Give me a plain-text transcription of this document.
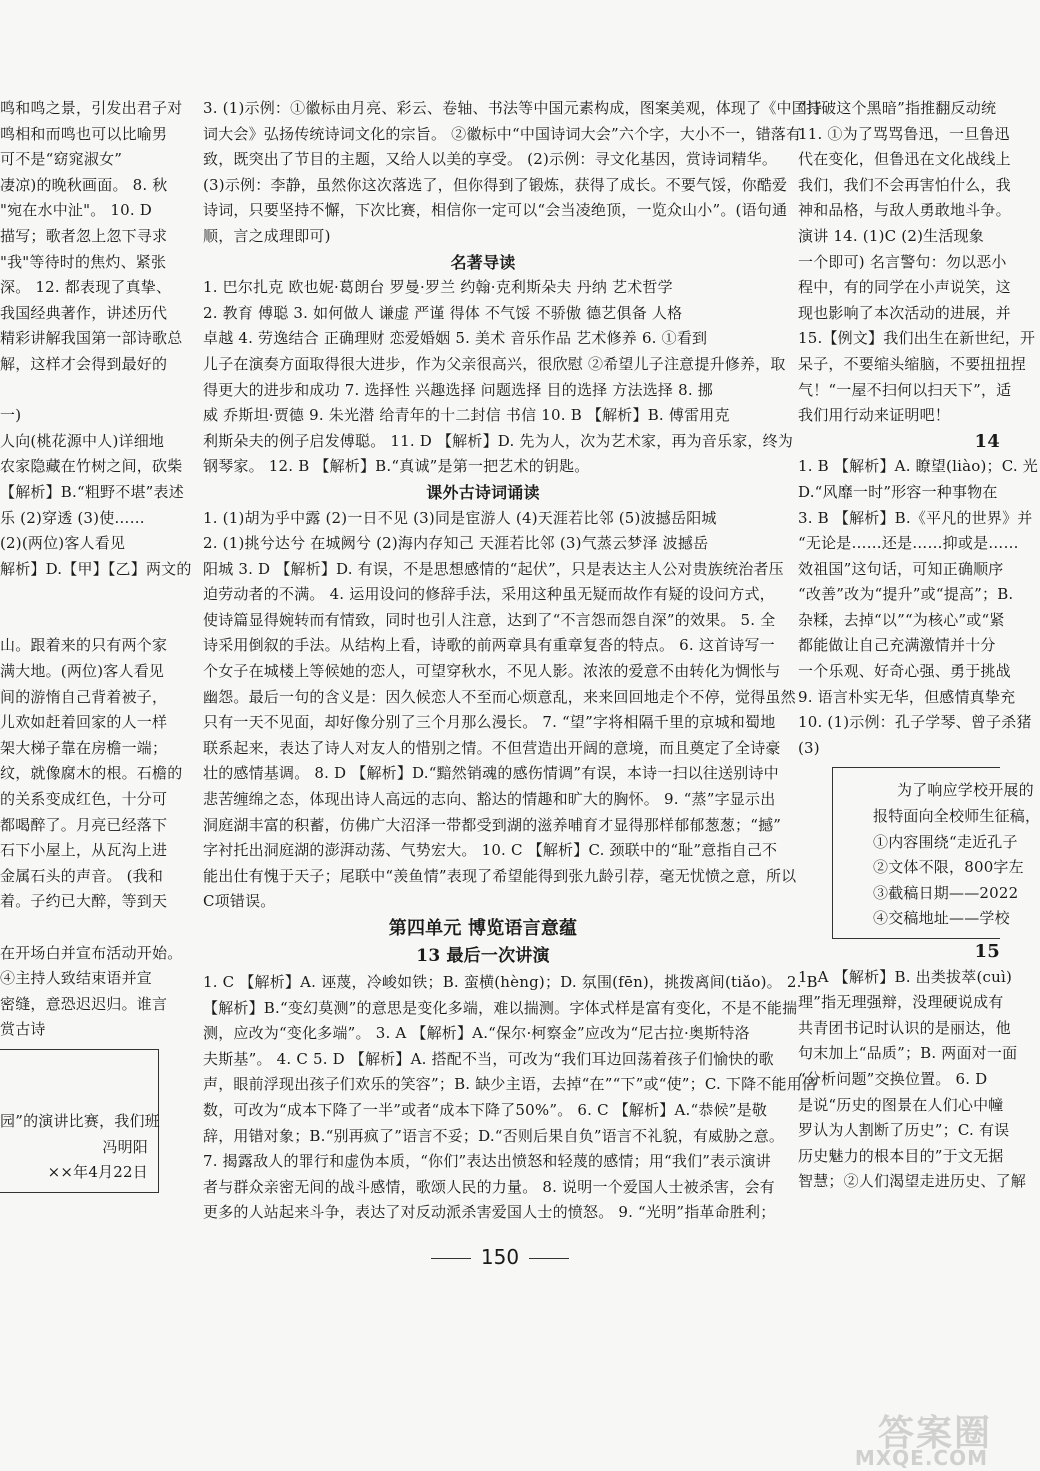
鸣和鸣之景，引发出君子对
鸣相和而鸣也可以比喻男
可不是“窈窕淑女”
凄凉)的晚秋画面。 8. 秋
"宛在水中沚"。 10. D
描写；歌者忽上忽下寻求
"我"等待时的焦灼、紧张
深。 12. 都表现了真挚、
我国经典著作，讲述历代
精彩讲解我国第一部诗歌总
解，这样才会得到最好的
一)
人向(桃花源中人)详细地
农家隐藏在竹树之间，砍柴
【解析】B.“粗野不堪”表述
乐 (2)穿透 (3)使……
(2)(两位)客人看见
解析】D.【甲】【乙】两文的
山。跟着来的只有两个家
满大地。(两位)客人看见
间的游惰自己背着被子，
儿欢如赶着回家的人一样
架大梯子靠在房檐一端；
纹，就像腐木的根。石檐的
的关系变成红色，十分可
都喝醉了。月亮已经落下
石下小屋上，从瓦沟上进
金属石头的声音。 (我和
着。子约已大醉，等到天
在开场白并宣布活动开始。
④主持人致结束语并宣
密缝，意恐迟迟归。谁言
赏古诗
园”的演讲比赛，我们班
冯明阳
××年4月22日
3. (1)示例：①徽标由月亮、彩云、卷轴、书法等中国元素构成，图案美观，体现了《中国诗
词大会》弘扬传统诗词文化的宗旨。 ②徽标中“中国诗词大会”六个字，大小不一，错落有
致，既突出了节目的主题，又给人以美的享受。 (2)示例：寻文化基因，赏诗词精华。
(3)示例：李静，虽然你这次落选了，但你得到了锻炼，获得了成长。不要气馁，你酷爱
诗词，只要坚持不懈，下次比赛，相信你一定可以“会当凌绝顶，一览众山小”。(语句通
顺，言之成理即可)
名著导读
1. 巴尔扎克 欧也妮·葛朗台 罗曼·罗兰 约翰·克利斯朵夫 丹纳 艺术哲学
2. 教育 傅聪 3. 如何做人 谦虚 严谨 得体 不气馁 不骄傲 德艺俱备 人格
卓越 4. 劳逸结合 正确理财 恋爱婚姻 5. 美术 音乐作品 艺术修养 6. ①看到
儿子在演奏方面取得很大进步，作为父亲很高兴，很欣慰 ②希望儿子注意提升修养，取
得更大的进步和成功 7. 选择性 兴趣选择 问题选择 目的选择 方法选择 8. 挪
威 乔斯坦·贾德 9. 朱光潜 给青年的十二封信 书信 10. B 【解析】B. 傅雷用克
利斯朵夫的例子启发傅聪。 11. D 【解析】D. 先为人，次为艺术家，再为音乐家，终为
钢琴家。 12. B 【解析】B.“真诚”是第一把艺术的钥匙。
课外古诗词诵读
1. (1)胡为乎中露 (2)一日不见 (3)同是宦游人 (4)天涯若比邻 (5)波撼岳阳城
2. (1)挑兮达兮 在城阙兮 (2)海内存知己 天涯若比邻 (3)气蒸云梦泽 波撼岳
阳城 3. D 【解析】D. 有误，不是思想感情的“起伏”，只是表达主人公对贵族统治者压
迫劳动者的不满。 4. 运用设问的修辞手法，采用这种虽无疑而故作有疑的设问方式，
使诗篇显得婉转而有情致，同时也引人注意，达到了“不言怨而怨自深”的效果。 5. 全
诗采用倒叙的手法。从结构上看，诗歌的前两章具有重章复沓的特点。 6. 这首诗写一
个女子在城楼上等候她的恋人，可望穿秋水，不见人影。浓浓的爱意不由转化为惆怅与
幽怨。最后一句的含义是：因久候恋人不至而心烦意乱，来来回回地走个不停，觉得虽然
只有一天不见面，却好像分别了三个月那么漫长。 7. “望”字将相隔千里的京城和蜀地
联系起来，表达了诗人对友人的惜别之情。不但营造出开阔的意境，而且奠定了全诗豪
壮的感情基调。 8. D 【解析】D.“黯然销魂的感伤情调”有误，本诗一扫以往送别诗中
悲苦缠绵之态，体现出诗人高远的志向、豁达的情趣和旷大的胸怀。 9. “蒸”字显示出
洞庭湖丰富的积蓄，仿佛广大沼泽一带都受到湖的滋养哺育才显得那样郁郁葱葱；“撼”
字衬托出洞庭湖的澎湃动荡、气势宏大。 10. C 【解析】C. 颈联中的“耻”意指自己不
能出仕有愧于天子；尾联中“羡鱼情”表现了希望能得到张九龄引荐，毫无忧愤之意，所以
C项错误。
第四单元 博览语言意蕴
13 最后一次讲演
1. C 【解析】A. 诬蔑，冷峻如铁；B. 蛮横(hèng)；D. 氛围(fēn)，挑拨离间(tiǎo)。 2. B
【解析】B.“变幻莫测”的意思是变化多端，难以揣测。字体式样是富有变化，不是不能揣
测，应改为“变化多端”。 3. A 【解析】A.“保尔·柯察金”应改为“尼古拉·奥斯特洛
夫斯基”。 4. C 5. D 【解析】A. 搭配不当，可改为“我们耳边回荡着孩子们愉快的歌
声，眼前浮现出孩子们欢乐的笑容”；B. 缺少主语，去掉“在”“下”或“使”；C. 下降不能用倍
数，可改为“成本下降了一半”或者“成本下降了50%”。 6. C 【解析】A.“恭候”是敬
辞，用错对象；B.“别再疯了”语言不妥；D.“否则后果自负”语言不礼貌，有威胁之意。
7. 揭露敌人的罪行和虚伪本质，“你们”表达出愤怒和轻蔑的感情；用“我们”表示演讲
者与群众亲密无间的战斗感情，歌颂人民的力量。 8. 说明一个爱国人士被杀害，会有
更多的人站起来斗争，表达了对反动派杀害爱国人士的愤怒。 9. “光明”指革命胜利；
“打破这个黑暗”指推翻反动统
11. ①为了骂骂鲁迅，一旦鲁迅
代在变化，但鲁迅在文化战线上
我们，我们不会再害怕什么，我
神和品格，与敌人勇敢地斗争。
演讲 14. (1)C (2)生活现象
一个即可) 名言警句：勿以恶小
程中，有的同学在小声说笑，这
现也影响了本次活动的进展，并
15.【例文】我们出生在新世纪，开
呆子，不要缩头缩脑，不要扭扭捏
气！“一屋不扫何以扫天下”，适
我们用行动来证明吧！
14
1. B 【解析】A. 瞭望(liào)；C. 光
D.“风靡一时”形容一种事物在
3. B 【解析】B.《平凡的世界》并
“无论是……还是……抑或是……
效祖国”这句话，可知正确顺序
“改善”改为“提升”或“提高”；B.
杂糅，去掉“以”“为核心”或“紧
都能做让自己充满激情并十分
一个乐观、好奇心强、勇于挑战
9. 语言朴实无华，但感情真挚充
10. (1)示例：孔子学琴、曾子杀猪
(3)
为了响应学校开展的
报特面向全校师生征稿，
①内容围绕“走近孔子
②文体不限，800字左
③截稿日期——2022
④交稿地址——学校
15
1. A 【解析】B. 出类拔萃(cuì)
理”指无理强辩，没理硬说成有
共青团书记时认识的是丽达，他
句末加上“品质”；B. 两面对一面
“分析问题”交换位置。 6. D
是说“历史的图景在人们心中幢
罗认为人割断了历史”；C. 有误
历史魅力的根本目的”于文无据
智慧；②人们渴望走进历史、了解
150
答案圈
MXQE.COM
